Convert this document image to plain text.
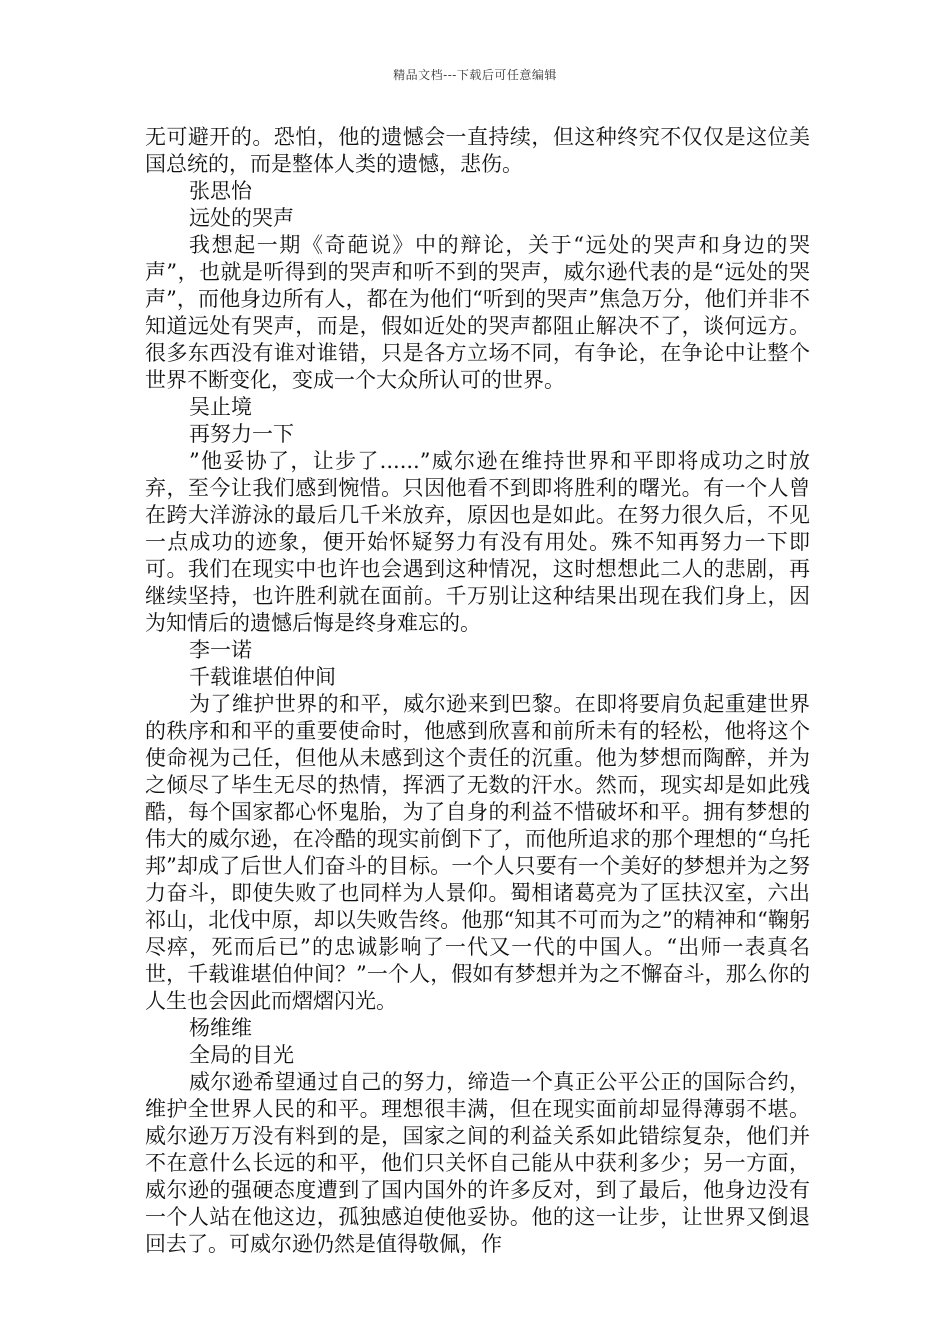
精品文档---下载后可任意编辑

无可避开的。恐怕，他的遗憾会一直持续，但这种终究不仅仅是这位美国总统的，而是整体人类的遗憾，悲伤。

张思怡

远处的哭声

我想起一期《奇葩说》中的辩论，关于“远处的哭声和身边的哭声”，也就是听得到的哭声和听不到的哭声，威尔逊代表的是“远处的哭声”，而他身边所有人，都在为他们“听到的哭声”焦急万分，他们并非不知道远处有哭声，而是，假如近处的哭声都阻止解决不了，谈何远方。很多东西没有谁对谁错，只是各方立场不同，有争论，在争论中让整个世界不断变化，变成一个大众所认可的世界。

吴止境

再努力一下

”他妥协了，让步了......”威尔逊在维持世界和平即将成功之时放弃，至今让我们感到惋惜。只因他看不到即将胜利的曙光。有一个人曾在跨大洋游泳的最后几千米放弃，原因也是如此。在努力很久后，不见一点成功的迹象，便开始怀疑努力有没有用处。殊不知再努力一下即可。我们在现实中也许也会遇到这种情况，这时想想此二人的悲剧，再继续坚持，也许胜利就在面前。千万别让这种结果出现在我们身上，因为知情后的遗憾后悔是终身难忘的。

李一诺

千载谁堪伯仲间

为了维护世界的和平，威尔逊来到巴黎。在即将要肩负起重建世界的秩序和和平的重要使命时，他感到欣喜和前所未有的轻松，他将这个使命视为己任，但他从未感到这个责任的沉重。他为梦想而陶醉，并为之倾尽了毕生无尽的热情，挥洒了无数的汗水。然而，现实却是如此残酷，每个国家都心怀鬼胎，为了自身的利益不惜破坏和平。拥有梦想的伟大的威尔逊，在冷酷的现实前倒下了，而他所追求的那个理想的“乌托邦”却成了后世人们奋斗的目标。一个人只要有一个美好的梦想并为之努力奋斗，即使失败了也同样为人景仰。蜀相诸葛亮为了匡扶汉室，六出祁山，北伐中原，却以失败告终。他那“知其不可而为之”的精神和“鞠躬尽瘁，死而后已”的忠诚影响了一代又一代的中国人。“出师一表真名世，千载谁堪伯仲间？”一个人，假如有梦想并为之不懈奋斗，那么你的人生也会因此而熠熠闪光。

杨维维

全局的目光

威尔逊希望通过自己的努力，缔造一个真正公平公正的国际合约，维护全世界人民的和平。理想很丰满，但在现实面前却显得薄弱不堪。威尔逊万万没有料到的是，国家之间的利益关系如此错综复杂，他们并不在意什么长远的和平，他们只关怀自己能从中获利多少；另一方面，威尔逊的强硬态度遭到了国内国外的许多反对，到了最后，他身边没有一个人站在他这边，孤独感迫使他妥协。他的这一让步，让世界又倒退回去了。可威尔逊仍然是值得敬佩，作
